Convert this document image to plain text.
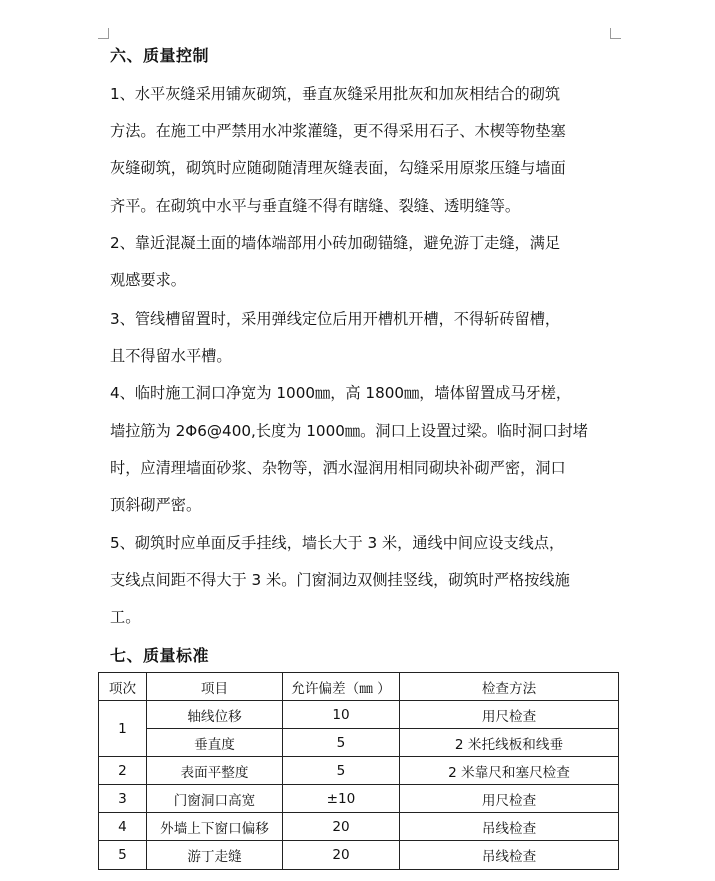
六、质量控制
1、水平灰缝采用铺灰砌筑，垂直灰缝采用批灰和加灰相结合的砌筑
方法。在施工中严禁用水冲浆灌缝，更不得采用石子、木楔等物垫塞
灰缝砌筑，砌筑时应随砌随清理灰缝表面，勾缝采用原浆压缝与墙面
齐平。在砌筑中水平与垂直缝不得有瞎缝、裂缝、透明缝等。
2、靠近混凝土面的墙体端部用小砖加砌锚缝，避免游丁走缝，满足
观感要求。
3、管线槽留置时，采用弹线定位后用开槽机开槽，不得斩砖留槽，
且不得留水平槽。
4、临时施工洞口净宽为 1000㎜，高 1800㎜，墙体留置成马牙槎，
墙拉筋为 2Φ6@400,长度为 1000㎜。洞口上设置过梁。临时洞口封堵
时，应清理墙面砂浆、杂物等，洒水湿润用相同砌块补砌严密，洞口
顶斜砌严密。
5、砌筑时应单面反手挂线，墙长大于 3 米，通线中间应设支线点，
支线点间距不得大于 3 米。门窗洞边双侧挂竖线，砌筑时严格按线施
工。
七、质量标准
项次	项目	允许偏差（㎜ ）	检查方法
1	轴线位移	10	用尺检查
	垂直度	5	2 米托线板和线垂
2	表面平整度	5	2 米靠尺和塞尺检查
3	门窗洞口高宽	±10	用尺检查
4	外墙上下窗口偏移	20	吊线检查
5	游丁走缝	20	吊线检查
